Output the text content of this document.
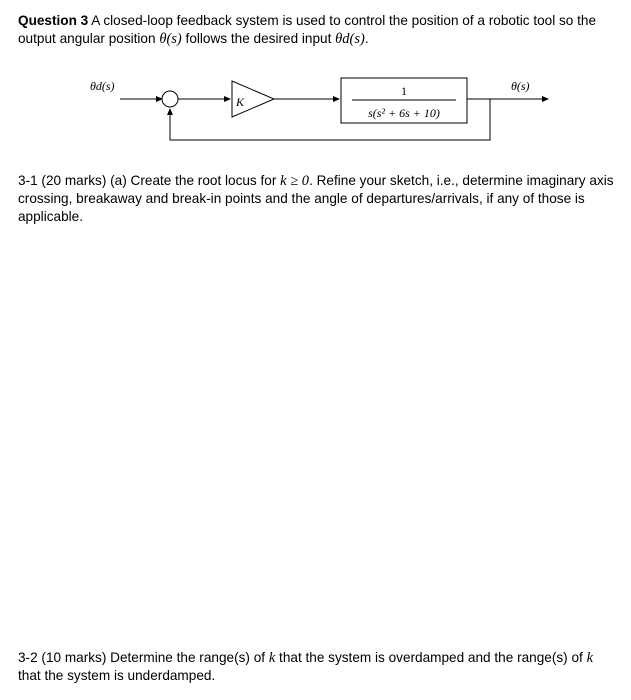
Question 3 A closed-loop feedback system is used to control the position of a robotic tool so the output angular position θ(s) follows the desired input θd(s).

θd(s)
K
1
s(s² + 6s + 10)
θ(s)

3-1 (20 marks) (a) Create the root locus for k ≥ 0. Refine your sketch, i.e., determine imaginary axis crossing, breakaway and break-in points and the angle of departures/arrivals, if any of those is applicable.

3-2 (10 marks) Determine the range(s) of k that the system is overdamped and the range(s) of k that the system is underdamped.
